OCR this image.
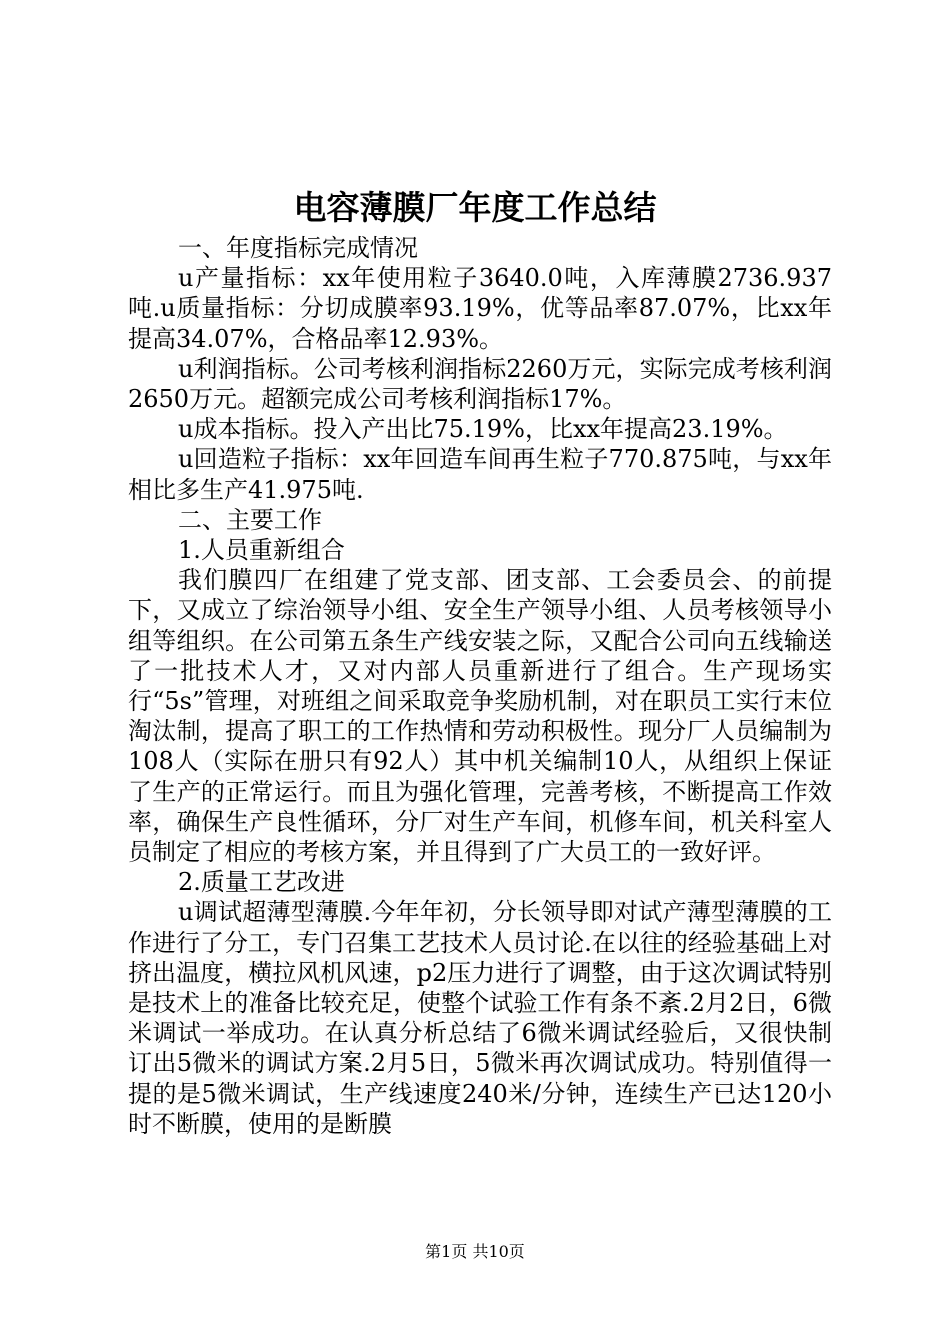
电容薄膜厂年度工作总结

一、年度指标完成情况

u产量指标：xx年使用粒子3640.0吨，入库薄膜2736.937吨.u质量指标：分切成膜率93.19%，优等品率87.07%，比xx年提高34.07%，合格品率12.93%。

u利润指标。公司考核利润指标2260万元，实际完成考核利润2650万元。超额完成公司考核利润指标17%。

u成本指标。投入产出比75.19%，比xx年提高23.19%。

u回造粒子指标：xx年回造车间再生粒子770.875吨，与xx年相比多生产41.975吨.

二、主要工作

1.人员重新组合

我们膜四厂在组建了党支部、团支部、工会委员会、的前提下，又成立了综治领导小组、安全生产领导小组、人员考核领导小组等组织。在公司第五条生产线安装之际，又配合公司向五线输送了一批技术人才，又对内部人员重新进行了组合。生产现场实行“5s”管理，对班组之间采取竞争奖励机制，对在职员工实行末位淘汰制，提高了职工的工作热情和劳动积极性。现分厂人员编制为108人（实际在册只有92人）其中机关编制10人，从组织上保证了生产的正常运行。而且为强化管理，完善考核，不断提高工作效率，确保生产良性循环，分厂对生产车间，机修车间，机关科室人员制定了相应的考核方案，并且得到了广大员工的一致好评。

2.质量工艺改进

u调试超薄型薄膜.今年年初，分长领导即对试产薄型薄膜的工作进行了分工，专门召集工艺技术人员讨论.在以往的经验基础上对挤出温度，横拉风机风速，p2压力进行了调整，由于这次调试特别是技术上的准备比较充足，使整个试验工作有条不紊.2月2日，6微米调试一举成功。在认真分析总结了6微米调试经验后，又很快制订出5微米的调试方案.2月5日，5微米再次调试成功。特别值得一提的是5微米调试，生产线速度240米/分钟，连续生产已达120小时不断膜，使用的是断膜

第1页 共10页
